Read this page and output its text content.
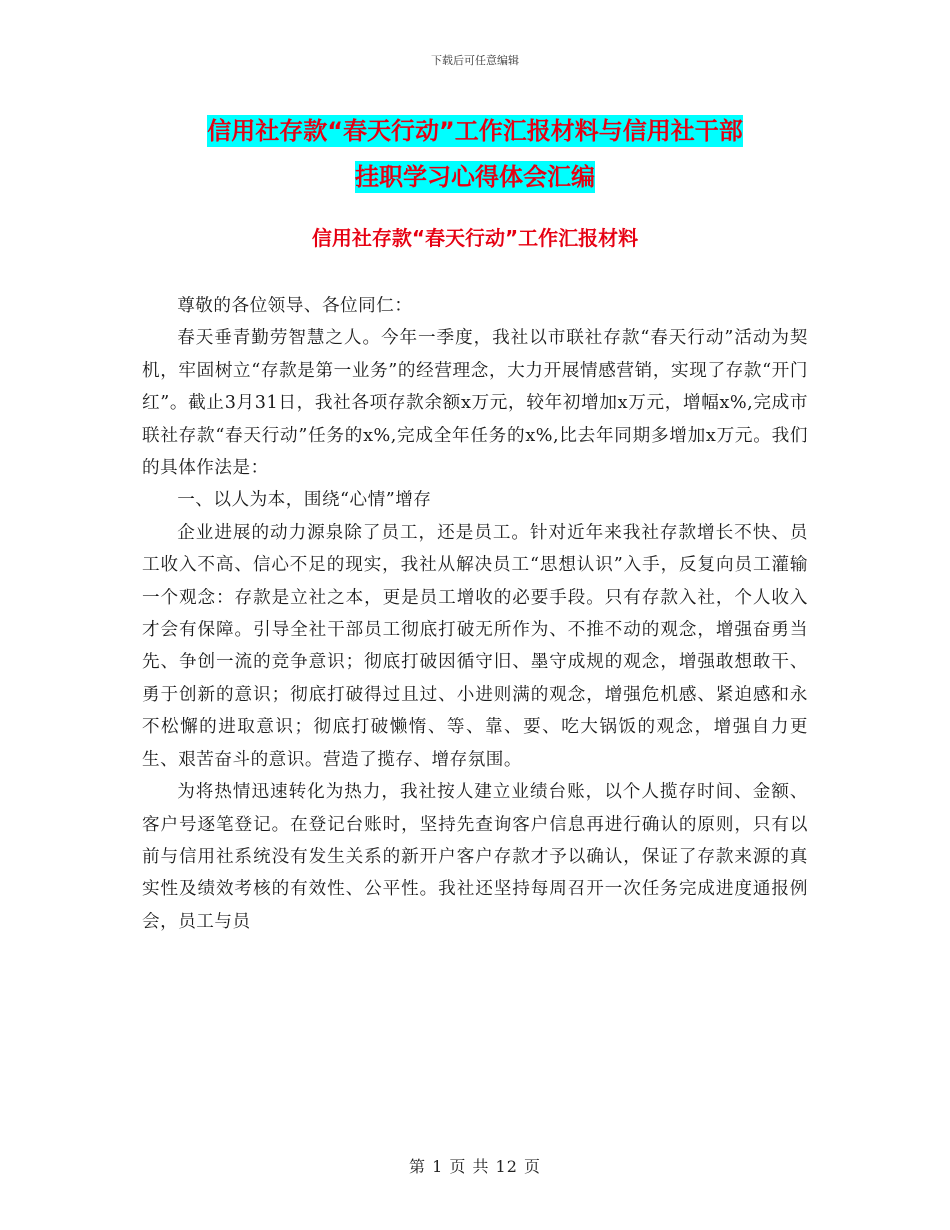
下载后可任意编辑
信用社存款“春天行动”工作汇报材料与信用社干部
挂职学习心得体会汇编
信用社存款“春天行动”工作汇报材料

尊敬的各位领导、各位同仁：

春天垂青勤劳智慧之人。今年一季度，我社以市联社存款“春天行动”活动为契机，牢固树立“存款是第一业务”的经营理念，大力开展情感营销，实现了存款“开门红”。截止3月31日，我社各项存款余额x万元，较年初增加x万元，增幅x%,完成市联社存款“春天行动”任务的x%,完成全年任务的x%,比去年同期多增加x万元。我们的具体作法是：

一、以人为本，围绕“心情”增存

企业进展的动力源泉除了员工，还是员工。针对近年来我社存款增长不快、员工收入不高、信心不足的现实，我社从解决员工“思想认识”入手，反复向员工灌输一个观念：存款是立社之本，更是员工增收的必要手段。只有存款入社，个人收入才会有保障。引导全社干部员工彻底打破无所作为、不推不动的观念，增强奋勇当先、争创一流的竞争意识；彻底打破因循守旧、墨守成规的观念，增强敢想敢干、勇于创新的意识；彻底打破得过且过、小进则满的观念，增强危机感、紧迫感和永不松懈的进取意识；彻底打破懒惰、等、靠、要、吃大锅饭的观念，增强自力更生、艰苦奋斗的意识。营造了揽存、增存氛围。

为将热情迅速转化为热力，我社按人建立业绩台账，以个人揽存时间、金额、客户号逐笔登记。在登记台账时，坚持先查询客户信息再进行确认的原则，只有以前与信用社系统没有发生关系的新开户客户存款才予以确认，保证了存款来源的真实性及绩效考核的有效性、公平性。我社还坚持每周召开一次任务完成进度通报例会，员工与员

第 1 页 共 12 页
